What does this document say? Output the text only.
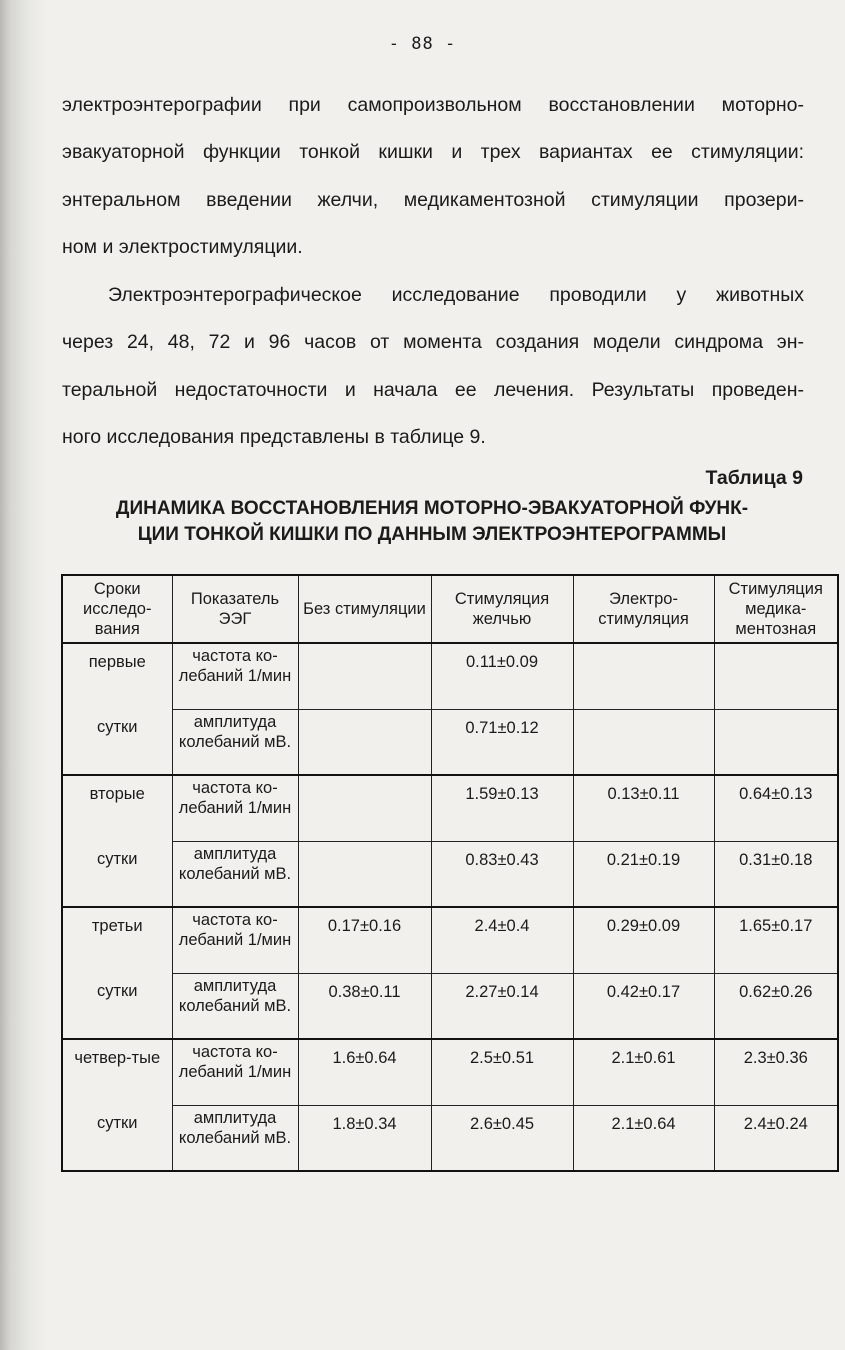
- 88 -

электроэнтерографии при самопроизвольном восстановлении моторно-

эвакуаторной функции тонкой кишки и трех вариантах ее стимуляции:

энтеральном введении желчи, медикаментозной стимуляции прозери-

ном и электростимуляции.

Электроэнтерографическое исследование проводили у животных

через 24, 48, 72 и 96 часов от момента создания модели синдрома эн-

теральной недостаточности и начала ее лечения. Результаты проведен-

ного исследования представлены в таблице 9.

Таблица 9
ДИНАМИКА ВОССТАНОВЛЕНИЯ МОТОРНО-ЭВАКУАТОРНОЙ ФУНК-
ЦИИ ТОНКОЙ КИШКИ ПО ДАННЫМ ЭЛЕКТРОЭНТЕРОГРАММЫ
Сроки исследо-вания	Показатель ЭЭГ	Без стимуляции	Стимуляция желчью	Электро-стимуляция	Стимуляция медика-ментозная
первые	частота ко-лебаний 1/мин		0.11±0.09		
сутки	амплитуда колебаний мВ.		0.71±0.12		
вторые	частота ко-лебаний 1/мин		1.59±0.13	0.13±0.11	0.64±0.13
сутки	амплитуда колебаний мВ.		0.83±0.43	0.21±0.19	0.31±0.18
третьи	частота ко-лебаний 1/мин	0.17±0.16	2.4±0.4	0.29±0.09	1.65±0.17
сутки	амплитуда колебаний мВ.	0.38±0.11	2.27±0.14	0.42±0.17	0.62±0.26
четвер-тые	частота ко-лебаний 1/мин	1.6±0.64	2.5±0.51	2.1±0.61	2.3±0.36
сутки	амплитуда колебаний мВ.	1.8±0.34	2.6±0.45	2.1±0.64	2.4±0.24
